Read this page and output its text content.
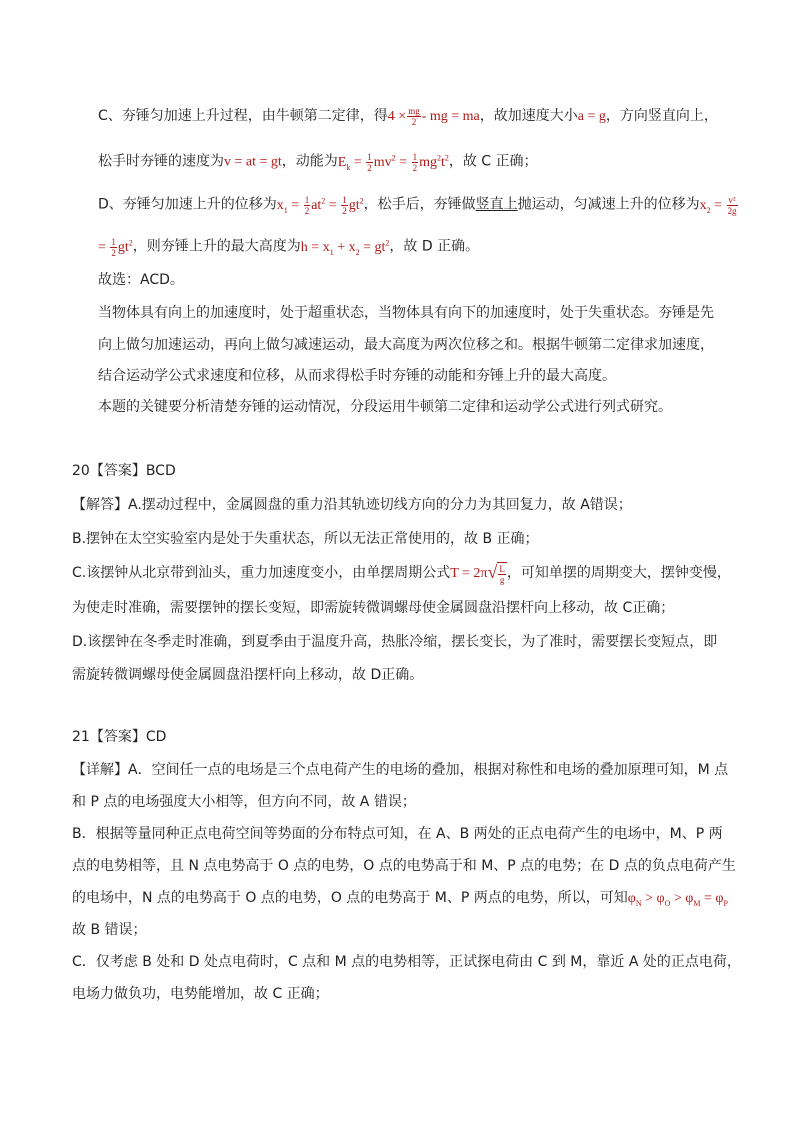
C、夯锤匀加速上升过程，由牛顿第二定律，得$4 \times \frac{mg}{2}$ - mg = ma，故加速度大小a = g，方向竖直向上，
松手时夯锤的速度为v = at = gt，动能为$E_k = \frac{1}{2} mv^2 = \frac{1}{2} mg^2t^2$，故 C 正确；
D、夯锤匀加速上升的位移为$x_1 = \frac{1}{2} at^2 = \frac{1}{2} gt^2$，松手后，夯锤做竖直上抛运动，匀减速上升的位移为$x_2 = \frac{\text{v²}}{2g}$
= $\frac{1}{2} gt^2$，则夯锤上升的最大高度为$h = x_1 + x_2 = gt^2$，故 D 正确。
故选：ACD。
当物体具有向上的加速度时，处于超重状态，当物体具有向下的加速度时，处于失重状态。夯锤是先
向上做匀加速运动，再向上做匀减速运动，最大高度为两次位移之和。根据牛顿第二定律求加速度，
结合运动学公式求速度和位移，从而求得松手时夯锤的动能和夯锤上升的最大高度。
本题的关键要分析清楚夯锤的运动情况，分段运用牛顿第二定律和运动学公式进行列式研究。
20【答案】BCD
【解答】A.摆动过程中，金属圆盘的重力沿其轨迹切线方向的分力为其回复力，故 A错误；
B.摆钟在太空实验室内是处于失重状态，所以无法正常使用的，故 B 正确；
C.该摆钟从北京带到汕头，重力加速度变小，由单摆周期公式$T = 2\pi√ \frac{L}{g}$ ，可知单摆的周期变大，摆钟变慢，
为使走时准确，需要摆钟的摆长变短，即需旋转微调螺母使金属圆盘沿摆杆向上移动，故 C正确；
D.该摆钟在冬季走时准确，到夏季由于温度升高，热胀冷缩，摆长变长，为了准时，需要摆长变短点，即
需旋转微调螺母使金属圆盘沿摆杆向上移动，故 D正确。
21【答案】CD
【详解】A．空间任一点的电场是三个点电荷产生的电场的叠加，根据对称性和电场的叠加原理可知，M 点
和 P 点的电场强度大小相等，但方向不同，故 A 错误；
B．根据等量同种正点电荷空间等势面的分布特点可知，在 A、B 两处的正点电荷产生的电场中，M、P 两
点的电势相等，且 N 点电势高于 O 点的电势，O 点的电势高于和 M、P 点的电势；在 D 点的负点电荷产生
的电场中，N 点的电势高于 O 点的电势，O 点的电势高于 M、P 两点的电势，所以，可知$\varphi_N > \varphi_O > \varphi_M = \varphi_P$
故 B 错误；
C．仅考虑 B 处和 D 处点电荷时，C 点和 M 点的电势相等，正试探电荷由 C 到 M，靠近 A 处的正点电荷，
电场力做负功，电势能增加，故 C 正确；
